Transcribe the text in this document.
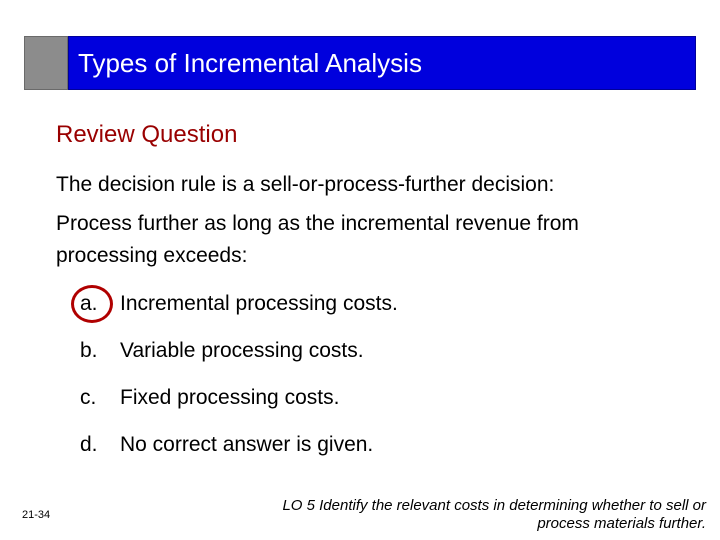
Types of Incremental Analysis
Review Question
The decision rule is a sell-or-process-further decision:
Process further as long as the incremental revenue from processing exceeds:
a. Incremental processing costs.
b. Variable processing costs.
c. Fixed processing costs.
d. No correct answer is given.
21-34
LO 5 Identify the relevant costs in determining whether to sell or process materials further.
